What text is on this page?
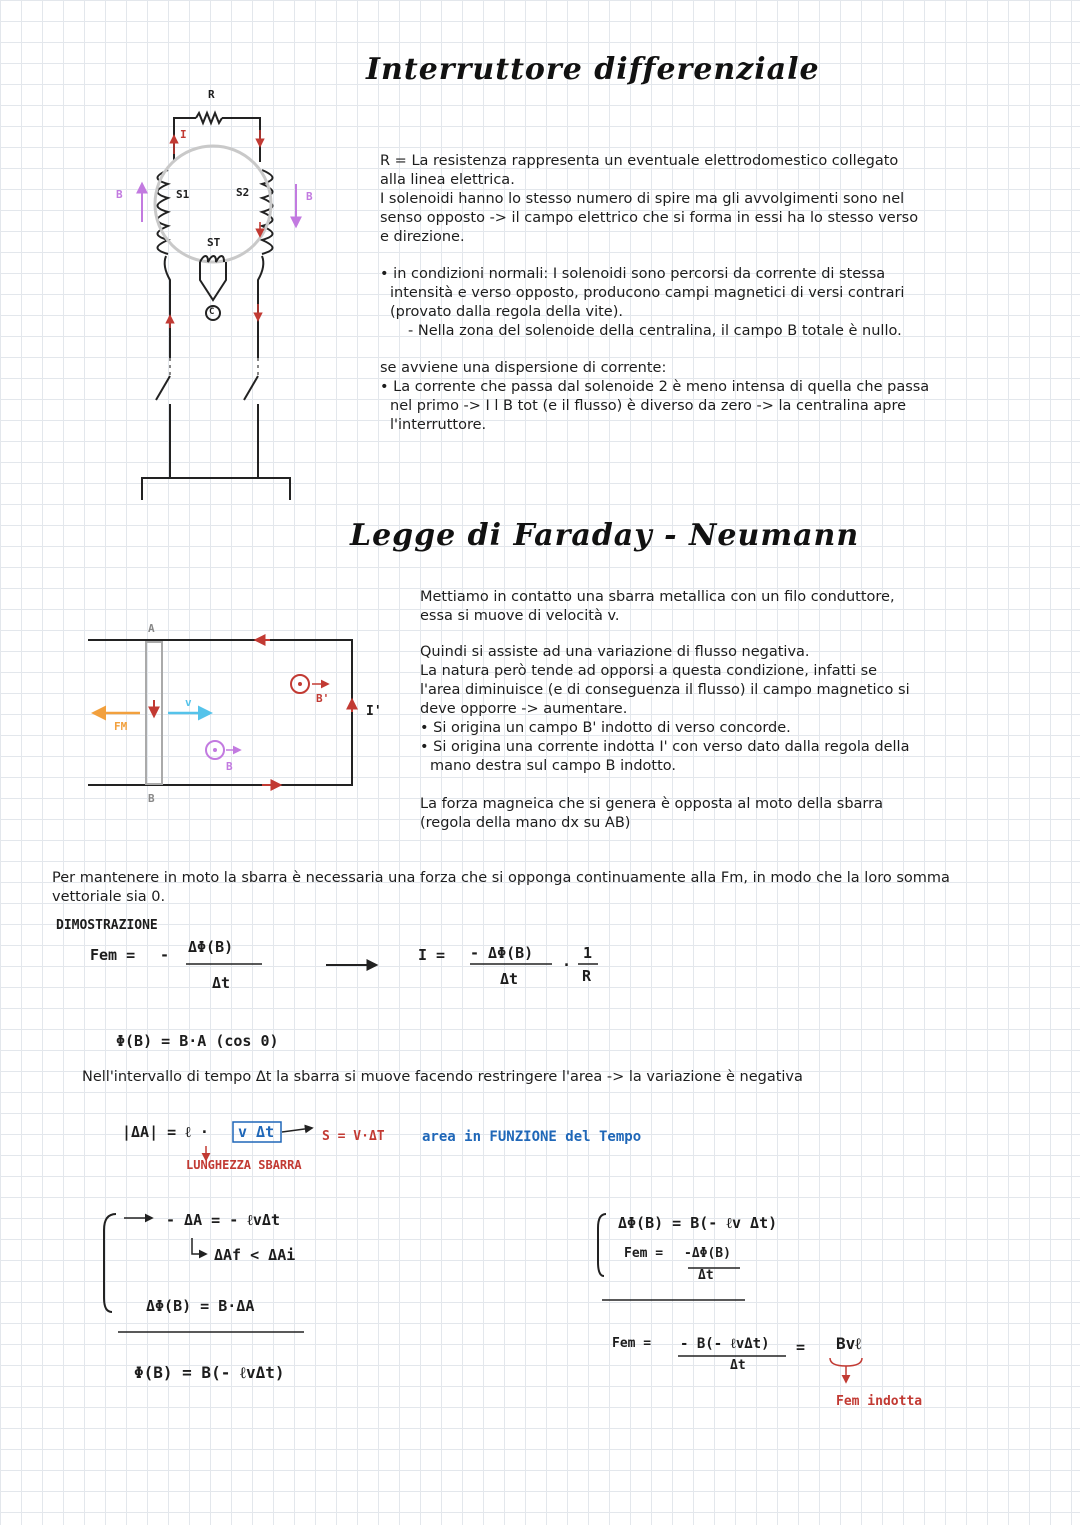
Interruttore differenziale
R
I
S1	S2
ST
B	B
C

R = La resistenza rappresenta un eventuale elettrodomestico collegato

alla linea elettrica.

I solenoidi hanno lo stesso numero di spire ma gli avvolgimenti sono nel

senso opposto -> il campo elettrico che si forma in essi ha lo stesso verso

e direzione.

• in condizioni normali: I solenoidi sono percorsi da corrente di stessa

intensità e verso opposto, producono campi magnetici di versi contrari

(provato dalla regola della vite).

- Nella zona del solenoide della centralina, il campo B totale è nullo.

se avviene una dispersione di corrente:

• La corrente che passa dal solenoide 2 è meno intensa di quella che passa

nel primo -> I l B tot (e il flusso) è diverso da zero -> la centralina apre

l'interruttore.

Legge di Faraday - Neumann
A
B
FM
v
B
B'
I'

Mettiamo in contatto una sbarra metallica con un filo conduttore,

essa si muove di velocità v.

Quindi si assiste ad una variazione di flusso negativa.

La natura però tende ad opporsi a questa condizione, infatti se

l'area diminuisce (e di conseguenza il flusso) il campo magnetico si

deve opporre -> aumentare.

• Si origina un campo B' indotto di verso concorde.

• Si origina una corrente indotta I' con verso dato dalla regola della

mano destra sul campo B indotto.

La forza magneica che si genera è opposta al moto della sbarra

(regola della mano dx su AB)

Per mantenere in moto la sbarra è necessaria una forza che si opponga continuamente alla Fm, in modo che la loro somma

vettoriale sia 0.

DIMOSTRAZIONE
Fem = - ΔΦ(B)
Δt
I = - ΔΦ(B)
Δt
·
1
R
Φ(B) = B·A (cos 0)
Nell'intervallo di tempo Δt la sbarra si muove facendo restringere l'area -> la variazione è negativa
|ΔA| = ℓ · v Δt	S = V·ΔT	area in FUNZIONE del Tempo
LUNGHEZZA SBARRA
- ΔA = - ℓvΔt
ΔAf < ΔAi
ΔΦ(B) = B·ΔA
Φ(B) = B(- ℓvΔt)
ΔΦ(B) = B(- ℓv Δt)
Fem = -ΔΦ(B)
Δt
Fem = - B(- ℓvΔt)
Δt
= Bvℓ
Fem indotta
